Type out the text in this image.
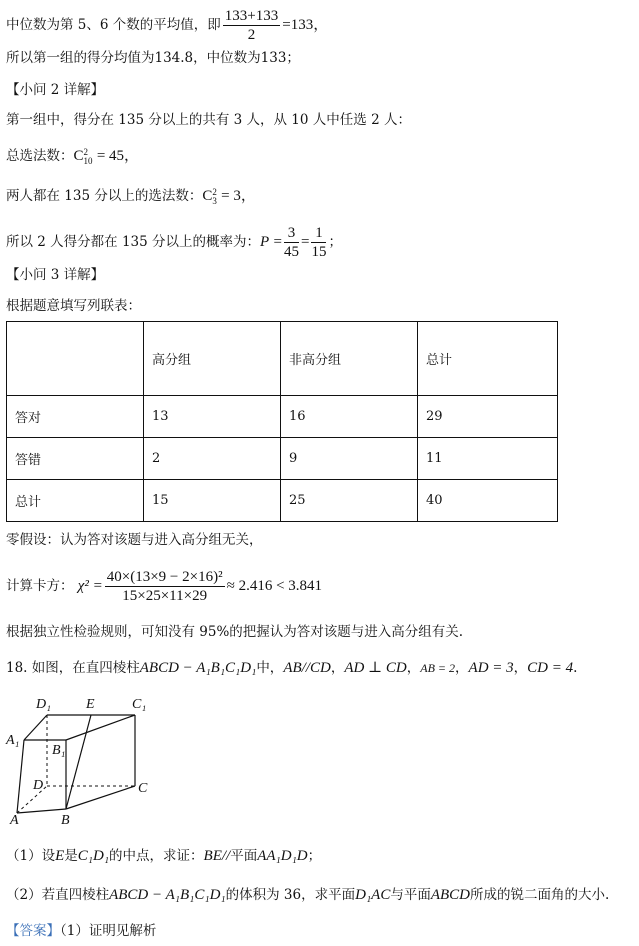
中位数为第 5、6 个数的平均值，即 $\frac{133+133}{2} =133$，
所以第一组的得分均值为134.8，中位数为133；
【小问 2 详解】
第一组中，得分在 135 分以上的共有 3 人，从 10 人中任选 2 人：
总选法数：C 2
10 = 45，
两人都在 135 分以上的选法数：C 2
3 = 3，
所以 2 人得分都在 135 分以上的概率为：$P = \frac{3}{45} = \frac{1}{15}$ ；
【小问 3 详解】
根据题意填写列联表：
	高分组	非高分组	总计
答对	13	16	29
答错	2	9	11
总计	15	25	40
零假设：认为答对该题与进入高分组无关，
计算卡方： $\chi^2 = \frac{\text{40×(13×9 − 2×16)²}}{15\times 25\times 11\times 29} \approx 2.416 < 3.841$
根据独立性检验规则，可知没有 95%的把握认为答对该题与进入高分组有关.
18. 如图，在直四棱柱ABCD − A₁B₁C₁D₁中，AB//CD，AD ⊥ CD，AB = 2，AD = 3，CD = 4.
D₁	E	C₁
A₁
B₁
D	C
A	B
（1）设E是C₁D₁的中点，求证：BE//平面AA₁D₁D；
（2）若直四棱柱ABCD − A₁B₁C₁D₁的体积为 36，求平面D₁AC与平面ABCD所成的锐二面角的大小.
【答案】（1）证明见解析
